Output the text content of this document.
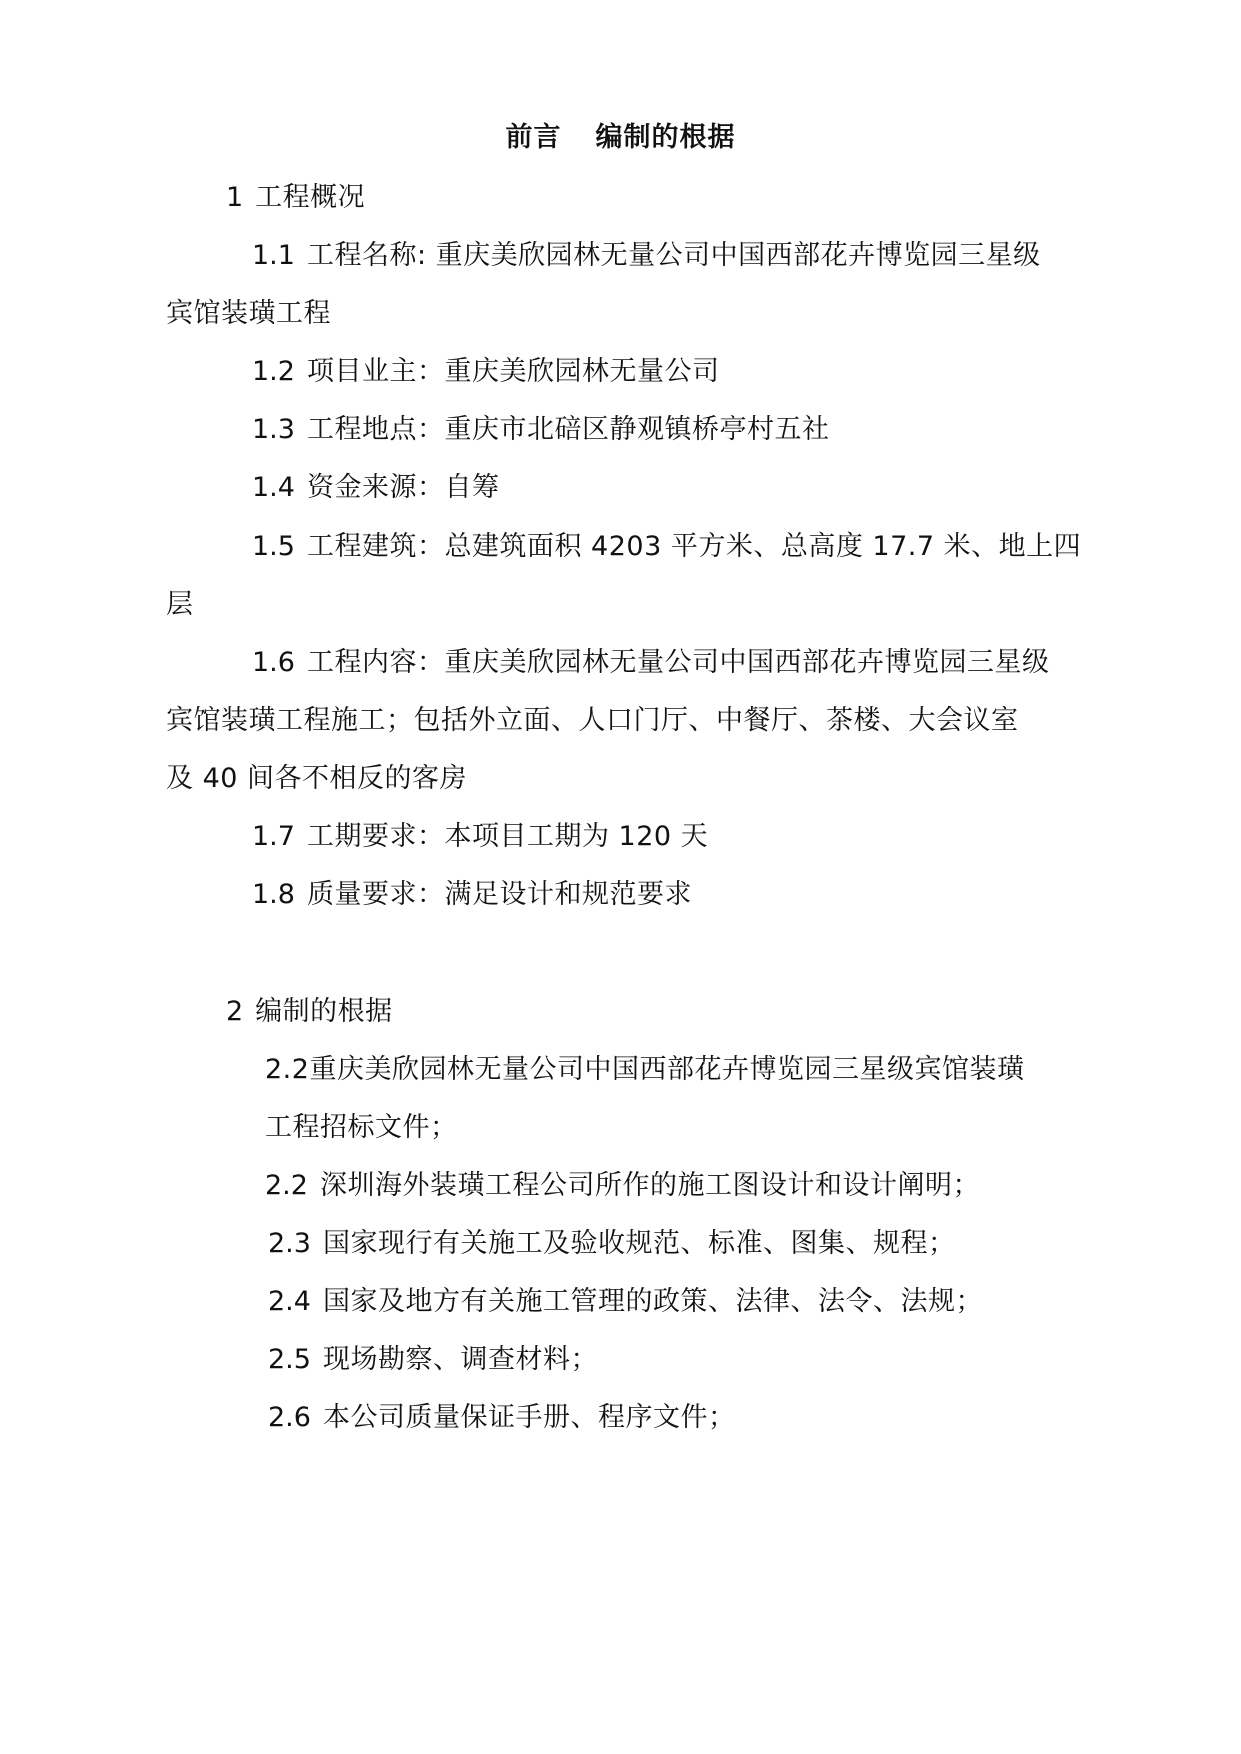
前言 编制的根据
1 工程概况
1.1 工程名称: 重庆美欣园林无量公司中国西部花卉博览园三星级
宾馆装璜工程
1.2 项目业主：重庆美欣园林无量公司
1.3 工程地点：重庆市北碚区静观镇桥亭村五社
1.4 资金来源：自筹
1.5 工程建筑：总建筑面积 4203 平方米、总高度 17.7 米、地上四
层
1.6 工程内容：重庆美欣园林无量公司中国西部花卉博览园三星级
宾馆装璜工程施工；包括外立面、人口门厅、中餐厅、茶楼、大会议室
及 40 间各不相反的客房
1.7 工期要求：本项目工期为 120 天
1.8 质量要求：满足设计和规范要求
2 编制的根据
2.2重庆美欣园林无量公司中国西部花卉博览园三星级宾馆装璜
工程招标文件；
2.2 深圳海外装璜工程公司所作的施工图设计和设计阐明；
2.3 国家现行有关施工及验收规范、标准、图集、规程；
2.4 国家及地方有关施工管理的政策、法律、法令、法规；
2.5 现场勘察、调查材料；
2.6 本公司质量保证手册、程序文件；
